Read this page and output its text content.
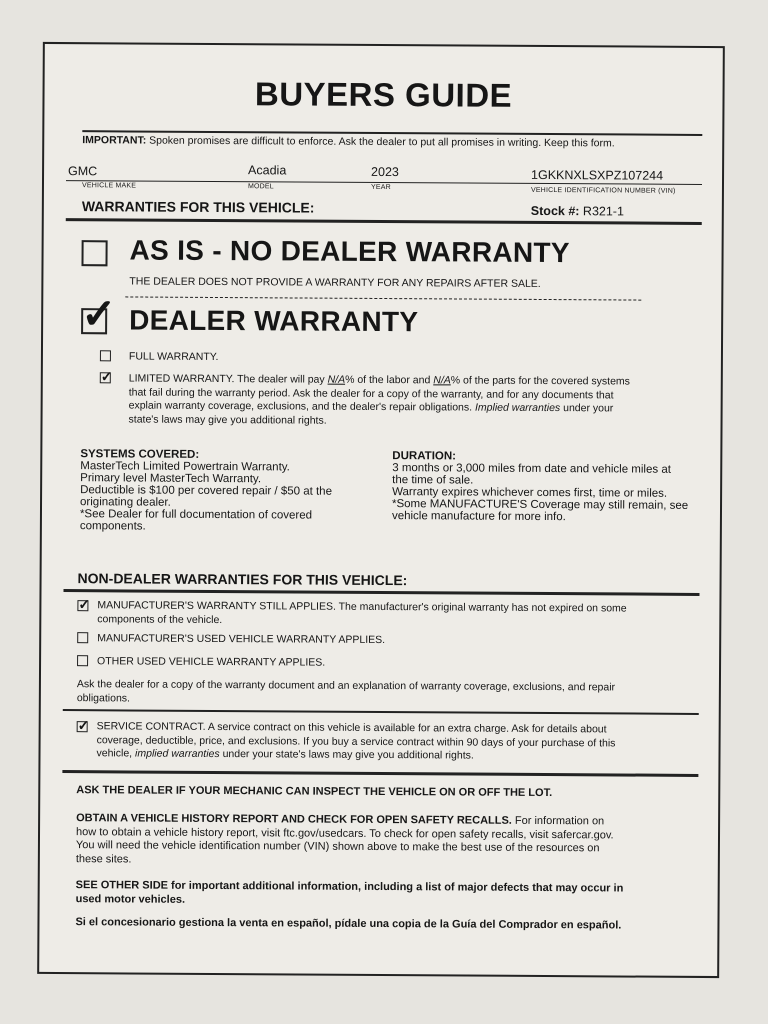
BUYERS GUIDE
IMPORTANT: Spoken promises are difficult to enforce. Ask the dealer to put all promises in writing. Keep this form.
GMC	Acadia	2023	1GKKNXLSXPZ107244
VEHICLE MAKE	MODEL	YEAR	VEHICLE IDENTIFICATION NUMBER (VIN)
WARRANTIES FOR THIS VEHICLE:	Stock #: R321-1
AS IS - NO DEALER WARRANTY
THE DEALER DOES NOT PROVIDE A WARRANTY FOR ANY REPAIRS AFTER SALE.
✓ DEALER WARRANTY
FULL WARRANTY.
✓ LIMITED WARRANTY. The dealer will pay N/A% of the labor and N/A% of the parts for the covered systems
that fail during the warranty period. Ask the dealer for a copy of the warranty, and for any documents that
explain warranty coverage, exclusions, and the dealer's repair obligations. Implied warranties under your
state's laws may give you additional rights.
SYSTEMS COVERED:
MasterTech Limited Powertrain Warranty.
Primary level MasterTech Warranty.
Deductible is $100 per covered repair / $50 at the
originating dealer.
*See Dealer for full documentation of covered
components.
DURATION:
3 months or 3,000 miles from date and vehicle miles at
the time of sale.
Warranty expires whichever comes first, time or miles.
*Some MANUFACTURE'S Coverage may still remain, see
vehicle manufacture for more info.
NON-DEALER WARRANTIES FOR THIS VEHICLE:
✓ MANUFACTURER'S WARRANTY STILL APPLIES. The manufacturer's original warranty has not expired on some
components of the vehicle.
MANUFACTURER'S USED VEHICLE WARRANTY APPLIES.
OTHER USED VEHICLE WARRANTY APPLIES.
Ask the dealer for a copy of the warranty document and an explanation of warranty coverage, exclusions, and repair
obligations.
✓ SERVICE CONTRACT. A service contract on this vehicle is available for an extra charge. Ask for details about
coverage, deductible, price, and exclusions. If you buy a service contract within 90 days of your purchase of this
vehicle, implied warranties under your state's laws may give you additional rights.
ASK THE DEALER IF YOUR MECHANIC CAN INSPECT THE VEHICLE ON OR OFF THE LOT.
OBTAIN A VEHICLE HISTORY REPORT AND CHECK FOR OPEN SAFETY RECALLS. For information on
how to obtain a vehicle history report, visit ftc.gov/usedcars. To check for open safety recalls, visit safercar.gov.
You will need the vehicle identification number (VIN) shown above to make the best use of the resources on
these sites.
SEE OTHER SIDE for important additional information, including a list of major defects that may occur in
used motor vehicles.
Si el concesionario gestiona la venta en español, pídale una copia de la Guía del Comprador en español.
